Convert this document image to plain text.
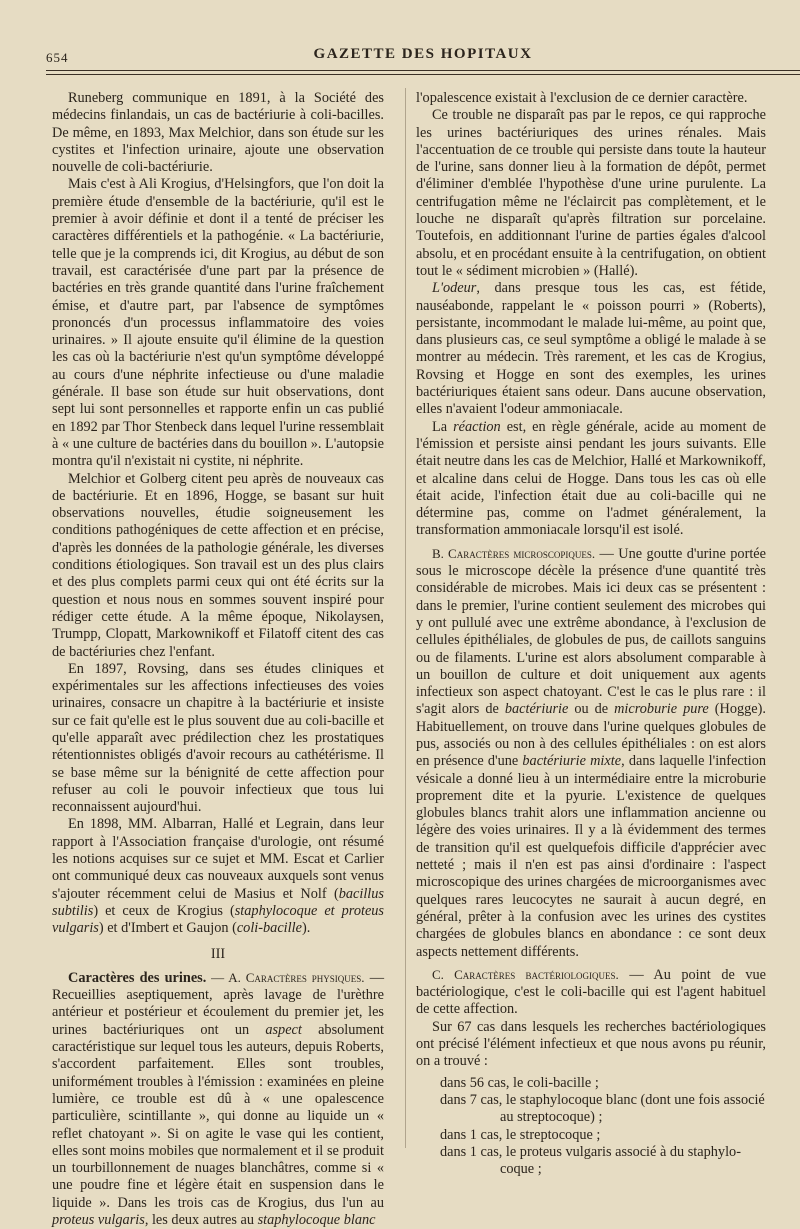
654	GAZETTE DES HOPITAUX

Runeberg communique en 1891, à la Société des médecins finlandais, un cas de bactériurie à coli-bacilles. De même, en 1893, Max Melchior, dans son étude sur les cystites et l'infection urinaire, ajoute une observation nouvelle de coli-bactériurie.

Mais c'est à Ali Krogius, d'Helsingfors, que l'on doit la première étude d'ensemble de la bactériurie, qu'il est le premier à avoir définie et dont il a tenté de préciser les caractères différentiels et la pathogénie. « La bactériurie, telle que je la comprends ici, dit Krogius, au début de son travail, est caractérisée d'une part par la présence de bactéries en très grande quantité dans l'urine fraîchement émise, et d'autre part, par l'absence de symptômes prononcés d'un processus inflammatoire des voies urinaires. » Il ajoute ensuite qu'il élimine de la question les cas où la bactériurie n'est qu'un symptôme développé au cours d'une néphrite infectieuse ou d'une maladie générale. Il base son étude sur huit observations, dont sept lui sont personnelles et rapporte enfin un cas publié en 1892 par Thor Stenbeck dans lequel l'urine ressemblait à « une culture de bactéries dans du bouillon ». L'autopsie montra qu'il n'existait ni cystite, ni néphrite.

Melchior et Golberg citent peu après de nouveaux cas de bactériurie. Et en 1896, Hogge, se basant sur huit observations nouvelles, étudie soigneusement les conditions pathogéniques de cette affection et en précise, d'après les données de la pathologie générale, les diverses conditions étiologiques. Son travail est un des plus clairs et des plus complets parmi ceux qui ont été écrits sur la question et nous nous en sommes souvent inspiré pour rédiger cette étude. A la même époque, Nikolaysen, Trumpp, Clopatt, Markownikoff et Filatoff citent des cas de bactériuries chez l'enfant.

En 1897, Rovsing, dans ses études cliniques et expérimentales sur les affections infectieuses des voies urinaires, consacre un chapitre à la bactériurie et insiste sur ce fait qu'elle est le plus souvent due au coli-bacille et qu'elle apparaît avec prédilection chez les prostatiques rétentionnistes obligés d'avoir recours au cathétérisme. Il se base même sur la bénignité de cette affection pour refuser au coli le pouvoir infectieux que tous lui reconnaissent aujourd'hui.

En 1898, MM. Albarran, Hallé et Legrain, dans leur rapport à l'Association française d'urologie, ont résumé les notions acquises sur ce sujet et MM. Escat et Carlier ont communiqué deux cas nouveaux auxquels sont venus s'ajouter récemment celui de Masius et Nolf (bacillus subtilis) et ceux de Krogius (staphylocoque et proteus vulgaris) et d'Imbert et Gaujon (coli-bacille).

III

Caractères des urines. — A. Caractères physiques. — Recueillies aseptiquement, après lavage de l'urèthre antérieur et postérieur et écoulement du premier jet, les urines bactériuriques ont un aspect absolument caractéristique sur lequel tous les auteurs, depuis Roberts, s'accordent parfaitement. Elles sont troubles, uniformément troubles à l'émission : examinées en pleine lumière, ce trouble est dû à « une opalescence particulière, scintillante », qui donne au liquide un « reflet chatoyant ». Si on agite le vase qui les contient, elles sont moins mobiles que normalement et il se produit un tourbillonnement de nuages blanchâtres, comme si « une poudre fine et légère était en suspension dans le liquide ». Dans les trois cas de Krogius, dus l'un au proteus vulgaris, les deux autres au staphylocoque blanc

l'opalescence existait à l'exclusion de ce dernier caractère.

Ce trouble ne disparaît pas par le repos, ce qui rapproche les urines bactériuriques des urines rénales. Mais l'accentuation de ce trouble qui persiste dans toute la hauteur de l'urine, sans donner lieu à la formation de dépôt, permet d'éliminer d'emblée l'hypothèse d'une urine purulente. La centrifugation même ne l'éclaircit pas complètement, et le louche ne disparaît qu'après filtration sur porcelaine. Toutefois, en additionnant l'urine de parties égales d'alcool absolu, et en procédant ensuite à la centrifugation, on obtient tout le « sédiment microbien » (Hallé).

L'odeur, dans presque tous les cas, est fétide, nauséabonde, rappelant le « poisson pourri » (Roberts), persistante, incommodant le malade lui-même, au point que, dans plusieurs cas, ce seul symptôme a obligé le malade à se montrer au médecin. Très rarement, et les cas de Krogius, Rovsing et Hogge en sont des exemples, les urines bactériuriques étaient sans odeur. Dans aucune observation, elles n'avaient l'odeur ammoniacale.

La réaction est, en règle générale, acide au moment de l'émission et persiste ainsi pendant les jours suivants. Elle était neutre dans les cas de Melchior, Hallé et Markownikoff, et alcaline dans celui de Hogge. Dans tous les cas où elle était acide, l'infection était due au coli-bacille qui ne détermine pas, comme on l'admet généralement, la transformation ammoniacale lorsqu'il est isolé.

B. Caractères microscopiques. — Une goutte d'urine portée sous le microscope décèle la présence d'une quantité très considérable de microbes. Mais ici deux cas se présentent : dans le premier, l'urine contient seulement des microbes qui y ont pullulé avec une extrême abondance, à l'exclusion de cellules épithéliales, de globules de pus, de caillots sanguins ou de filaments. L'urine est alors absolument comparable à un bouillon de culture et doit uniquement aux agents infectieux son aspect chatoyant. C'est le cas le plus rare : il s'agit alors de bactériurie ou de microburie pure (Hogge). Habituellement, on trouve dans l'urine quelques globules de pus, associés ou non à des cellules épithéliales : on est alors en présence d'une bactériurie mixte, dans laquelle l'infection vésicale a donné lieu à un intermédiaire entre la microburie proprement dite et la pyurie. L'existence de quelques globules blancs trahit alors une inflammation ancienne ou légère des voies urinaires. Il y a là évidemment des termes de transition qu'il est quelquefois difficile d'apprécier avec netteté ; mais il n'en est pas ainsi d'ordinaire : l'aspect microscopique des urines chargées de microorganismes avec quelques rares leucocytes ne saurait à aucun degré, en général, prêter à la confusion avec les urines des cystites chargées de globules blancs en abondance : ce sont deux aspects nettement différents.

C. Caractères bactériologiques. — Au point de vue bactériologique, c'est le coli-bacille qui est l'agent habituel de cette affection.

Sur 67 cas dans lesquels les recherches bactériologiques ont précisé l'élément infectieux et que nous avons pu réunir, on a trouvé :

dans 56 cas, le coli-bacille ;
dans 7 cas, le staphylocoque blanc (dont une fois associé
au streptocoque) ;
dans 1 cas, le streptocoque ;
dans 1 cas, le proteus vulgaris associé à du staphylo-
coque ;
